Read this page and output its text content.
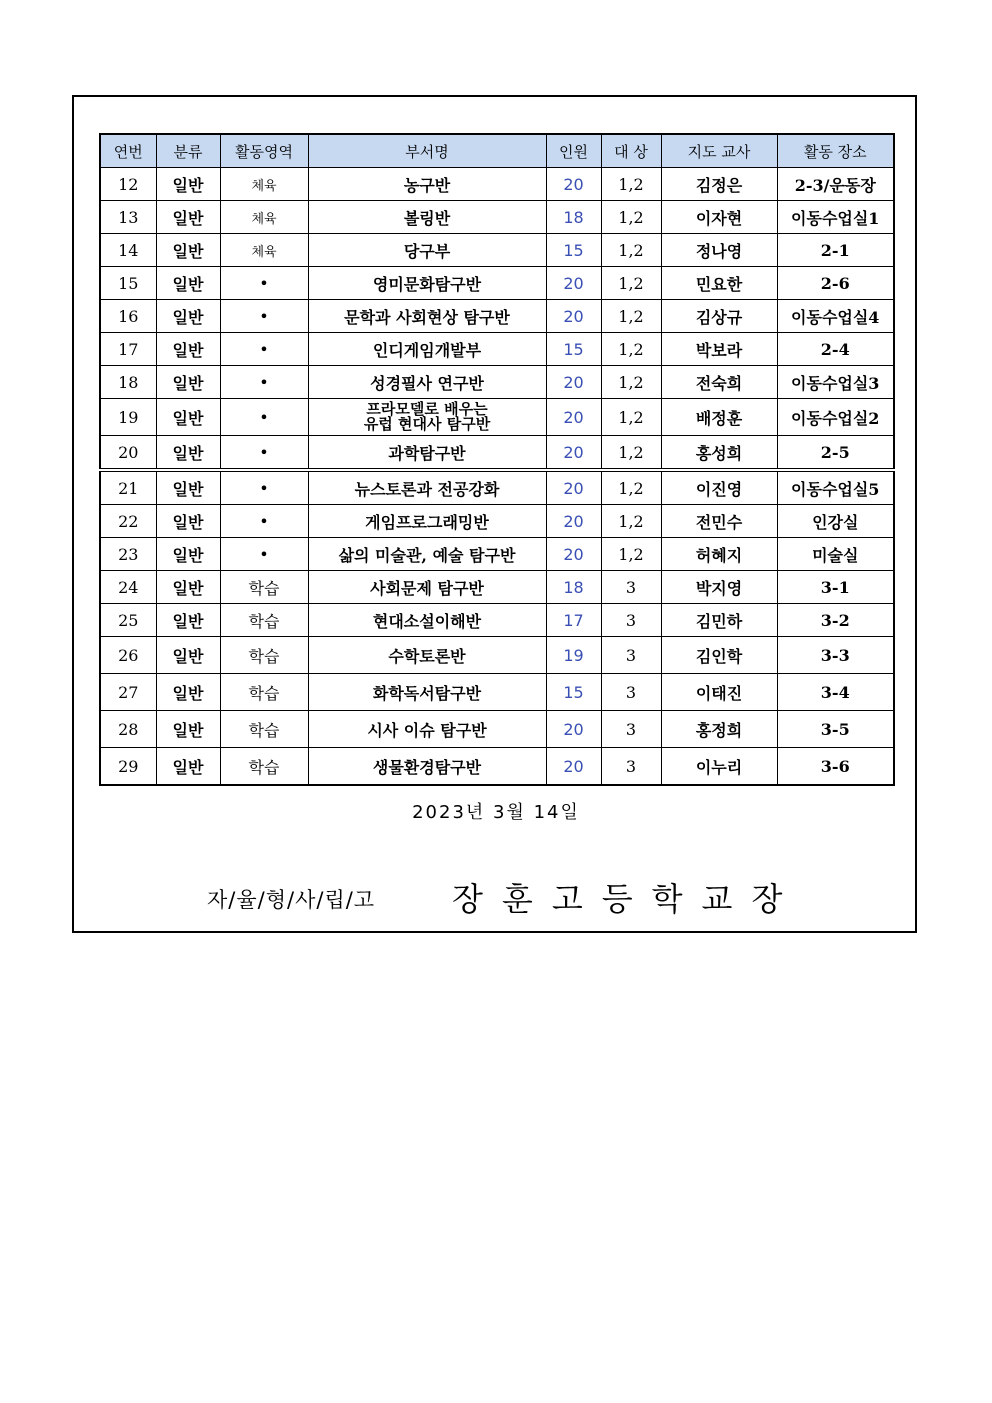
연번	분류	활동영역	부서명	인원	대 상	지도 교사	활동 장소
12	일반	체육	농구반	20	1,2	김정은	2-3/운동장
13	일반	체육	볼링반	18	1,2	이자현	이동수업실1
14	일반	체육	당구부	15	1,2	정나영	2-1
15	일반	•	영미문화탐구반	20	1,2	민요한	2-6
16	일반	•	문학과 사회현상 탐구반	20	1,2	김상규	이동수업실4
17	일반	•	인디게임개발부	15	1,2	박보라	2-4
18	일반	•	성경필사 연구반	20	1,2	전숙희	이동수업실3
19	일반	•	프라모델로 배우는
유럽 현대사 탐구반	20	1,2	배정훈	이동수업실2
20	일반	•	과학탐구반	20	1,2	홍성희	2-5
21	일반	•	뉴스토론과 전공강화	20	1,2	이진영	이동수업실5
22	일반	•	게임프로그래밍반	20	1,2	전민수	인강실
23	일반	•	삶의 미술관, 예술 탐구반	20	1,2	허혜지	미술실
24	일반	학습	사회문제 탐구반	18	3	박지영	3-1
25	일반	학습	현대소설이해반	17	3	김민하	3-2
26	일반	학습	수학토론반	19	3	김인학	3-3
27	일반	학습	화학독서탐구반	15	3	이태진	3-4
28	일반	학습	시사 이슈 탐구반	20	3	홍정희	3-5
29	일반	학습	생물환경탐구반	20	3	이누리	3-6
2023년 3월 14일
자/율/형/사/립/고 장훈고등학교장
